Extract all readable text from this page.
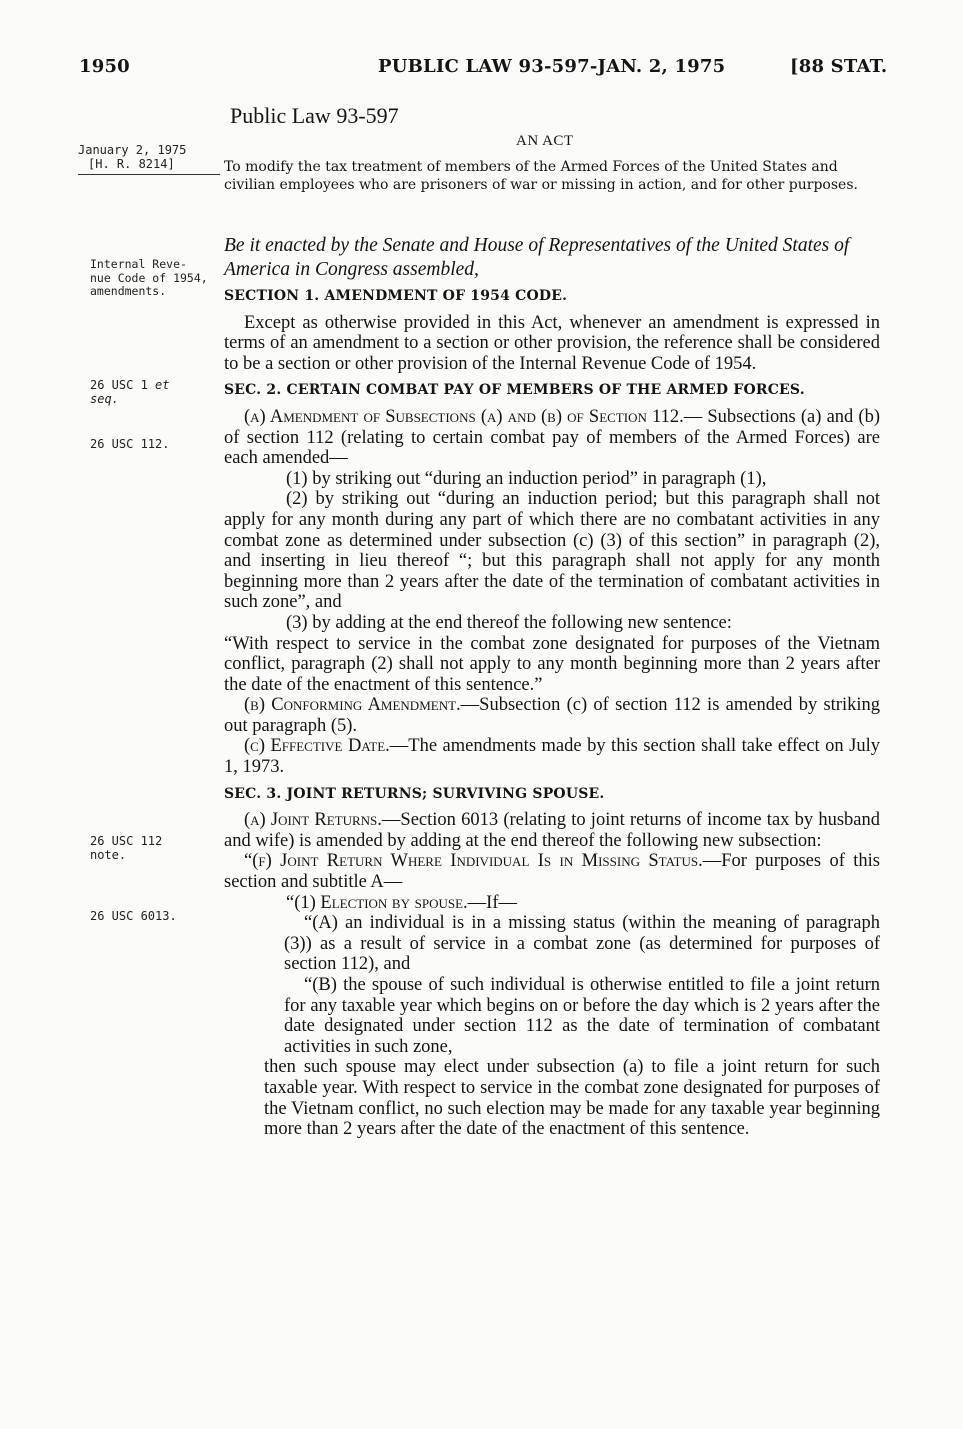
1950	PUBLIC LAW 93-597-JAN. 2, 1975	[88 STAT.
Public Law 93-597
AN ACT
To modify the tax treatment of members of the Armed Forces of the United States and civilian employees who are prisoners of war or missing in action, and for other purposes.
Be it enacted by the Senate and House of Representatives of the United States of America in Congress assembled,
January 2, 1975
[H. R. 8214]
Internal Reve-
nue Code of 1954,
amendments.
26 USC 1 et
seq.
26 USC 112.
26 USC 112
note.
26 USC 6013.

SECTION 1. AMENDMENT OF 1954 CODE.

Except as otherwise provided in this Act, whenever an amendment is expressed in terms of an amendment to a section or other provision, the reference shall be considered to be a section or other provision of the Internal Revenue Code of 1954.

SEC. 2. CERTAIN COMBAT PAY OF MEMBERS OF THE ARMED FORCES.

(a) Amendment of Subsections (a) and (b) of Section 112.— Subsections (a) and (b) of section 112 (relating to certain combat pay of members of the Armed Forces) are each amended—

(1) by striking out “during an induction period” in paragraph (1),

(2) by striking out “during an induction period; but this paragraph shall not apply for any month during any part of which there are no combatant activities in any combat zone as determined under subsection (c) (3) of this section” in paragraph (2), and inserting in lieu thereof “; but this paragraph shall not apply for any month beginning more than 2 years after the date of the termination of combatant activities in such zone”, and

(3) by adding at the end thereof the following new sentence:

“With respect to service in the combat zone designated for purposes of the Vietnam conflict, paragraph (2) shall not apply to any month beginning more than 2 years after the date of the enactment of this sentence.”

(b) Conforming Amendment.—Subsection (c) of section 112 is amended by striking out paragraph (5).

(c) Effective Date.—The amendments made by this section shall take effect on July 1, 1973.

SEC. 3. JOINT RETURNS; SURVIVING SPOUSE.

(a) Joint Returns.—Section 6013 (relating to joint returns of income tax by husband and wife) is amended by adding at the end thereof the following new subsection:

“(f) Joint Return Where Individual Is in Missing Status.—For purposes of this section and subtitle A—

“(1) Election by spouse.—If—

“(A) an individual is in a missing status (within the meaning of paragraph (3)) as a result of service in a combat zone (as determined for purposes of section 112), and

“(B) the spouse of such individual is otherwise entitled to file a joint return for any taxable year which begins on or before the day which is 2 years after the date designated under section 112 as the date of termination of combatant activities in such zone,

then such spouse may elect under subsection (a) to file a joint return for such taxable year. With respect to service in the combat zone designated for purposes of the Vietnam conflict, no such election may be made for any taxable year beginning more than 2 years after the date of the enactment of this sentence.
